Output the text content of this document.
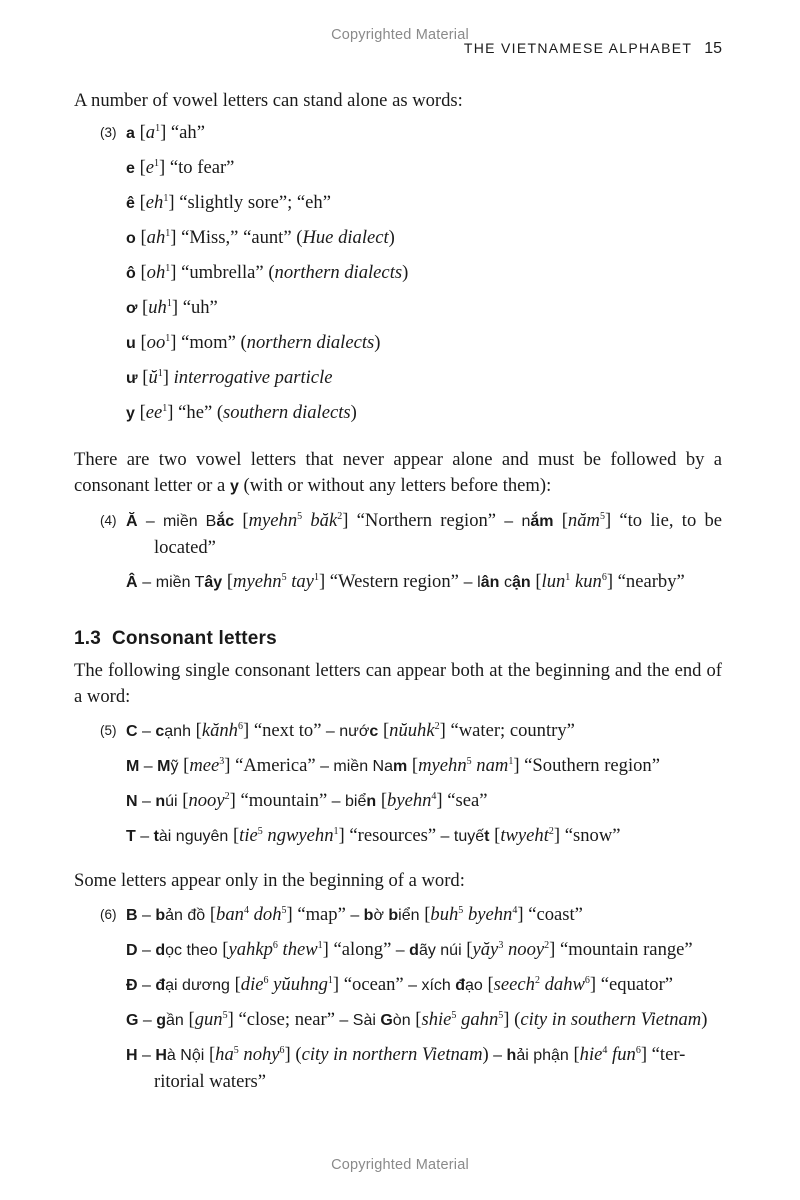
Copyrighted Material
THE VIETNAMESE ALPHABET 15

A number of vowel letters can stand alone as words:

(3) a $[a^1]$ “ah”
e $[e^1]$ “to fear”
ê $[eh^1]$ “slightly sore”; “eh”
o $[ah^1]$ “Miss,” “aunt” (Hue dialect)
ô $[oh^1]$ “umbrella” (northern dialects)
ơ $[uh^1]$ “uh”
u $[oo^1]$ “mom” (northern dialects)
ư $[ŭ^1]$ interrogative particle
y $[ee^1]$ “he” (southern dialects)

There are two vowel letters that never appear alone and must be followed by a consonant letter or a y (with or without any letters before them):

(4) Ă – miền Bắc [myehn$^5$ băk$^2$] “Northern region” – nắm [năm$^5$] “to lie, to be located”
Â – miền Tây [myehn$^5$ tay$^1$] “Western region” – lân cận [lun$^1$ kun$^6$] “nearby”
1.3 Consonant letters

The following single consonant letters can appear both at the beginning and the end of a word:

(5) C – cạnh [kănh$^6$] “next to” – nước [nŭuhk$^2$] “water; country”
M – Mỹ [mee$^3$] “America” – miền Nam [myehn$^5$ nam$^1$] “Southern region”
N – núi [nooy$^2$] “mountain” – biển [byehn$^4$] “sea”
T – tài nguyên [tie$^5$ ngwyehn$^1$] “resources” – tuyết [twyeht$^2$] “snow”

Some letters appear only in the beginning of a word:

(6) B – bản đồ [ban$^4$ doh$^5$] “map” – bờ biển [buh$^5$ byehn$^4$] “coast”
D – dọc theo [yahkp$^6$ thew$^1$] “along” – dãy núi [yăy$^3$ nooy$^2$] “mountain range”
Đ – đại dương [die$^6$ yŭuhng$^1$] “ocean” – xích đạo [seech$^2$ dahw$^6$] “equator”
G – gần [gun$^5$] “close; near” – Sài Gòn [shie$^5$ gahn$^5$] (city in southern Vietnam)
H – Hà Nội [$ha^5$ nohy$^6$] (city in northern Vietnam) – hải phận [hie$^4$ fun$^6$] “ter- ritorial waters”
Copyrighted Material
